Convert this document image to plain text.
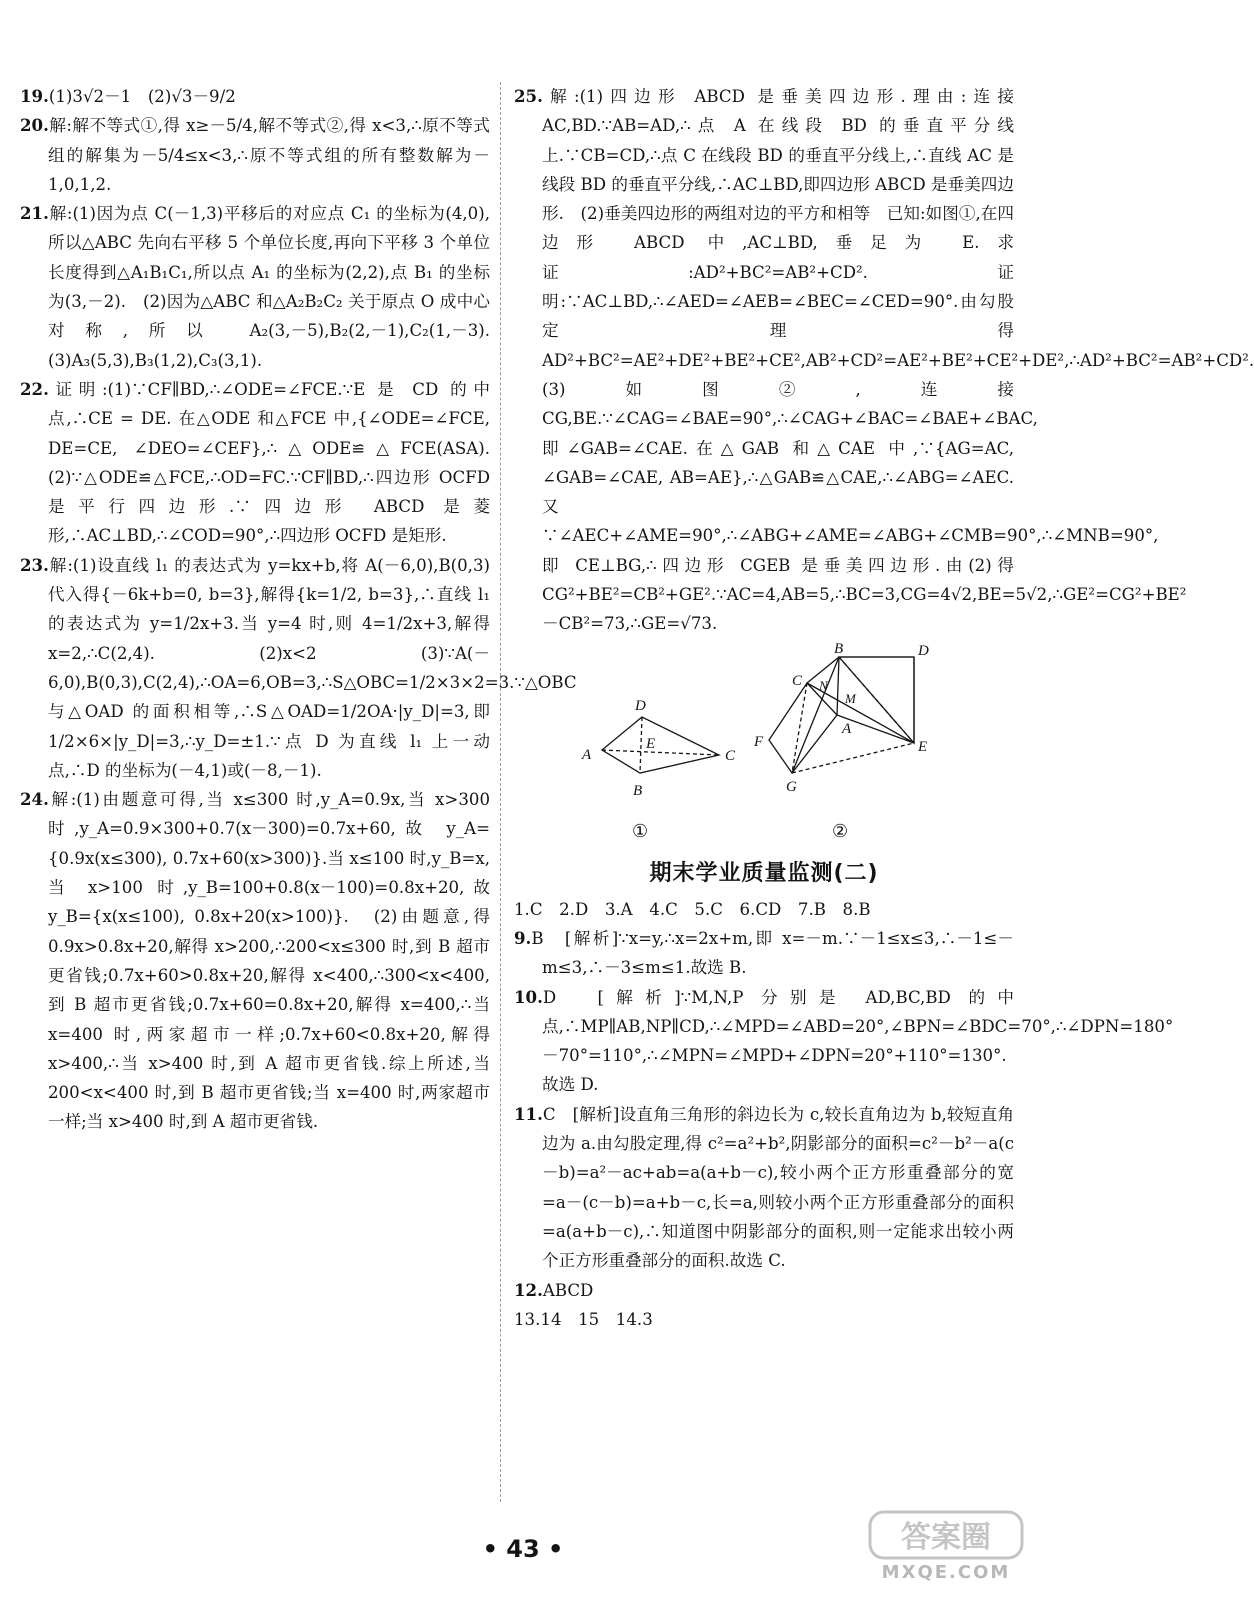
19.(1)3√2－1　(2)√3－9/2

20.解:解不等式①,得 x≥－5/4,解不等式②,得 x<3,∴原不等式组的解集为－5/4≤x<3,∴原不等式组的所有整数解为－1,0,1,2.

21.解:(1)因为点 C(－1,3)平移后的对应点 C₁ 的坐标为(4,0),所以△ABC 先向右平移 5 个单位长度,再向下平移 3 个单位长度得到△A₁B₁C₁,所以点 A₁ 的坐标为(2,2),点 B₁ 的坐标为(3,－2).　(2)因为△ABC 和△A₂B₂C₂ 关于原点 O 成中心对称,所以 A₂(3,－5),B₂(2,－1),C₂(1,－3).　(3)A₃(5,3),B₃(1,2),C₃(3,1).

22.证明:(1)∵CF∥BD,∴∠ODE=∠FCE.∵E 是 CD 的中点,∴CE = DE. 在△ODE 和△FCE 中,{∠ODE=∠FCE, DE=CE, ∠DEO=∠CEF},∴△ODE≌△FCE(ASA).(2)∵△ODE≌△FCE,∴OD=FC.∵CF∥BD,∴四边形 OCFD 是平行四边形.∵四边形 ABCD 是菱形,∴AC⊥BD,∴∠COD=90°,∴四边形 OCFD 是矩形.

23.解:(1)设直线 l₁ 的表达式为 y=kx+b,将 A(－6,0),B(0,3)代入得{－6k+b=0, b=3},解得{k=1/2, b=3},∴直线 l₁ 的表达式为 y=1/2x+3.当 y=4 时,则 4=1/2x+3,解得 x=2,∴C(2,4).　(2)x<2　(3)∵A(－6,0),B(0,3),C(2,4),∴OA=6,OB=3,∴S△OBC=1/2×3×2=3.∵△OBC 与△OAD 的面积相等,∴S△OAD=1/2OA·|y_D|=3,即 1/2×6×|y_D|=3,∴y_D=±1.∵点 D 为直线 l₁ 上一动点,∴D 的坐标为(－4,1)或(－8,－1).

24.解:(1)由题意可得,当 x≤300 时,y_A=0.9x,当 x>300 时,y_A=0.9×300+0.7(x－300)=0.7x+60,故 y_A={0.9x(x≤300), 0.7x+60(x>300)}.当 x≤100 时,y_B=x,当 x>100 时,y_B=100+0.8(x－100)=0.8x+20,故 y_B={x(x≤100), 0.8x+20(x>100)}.　(2)由题意,得 0.9x>0.8x+20,解得 x>200,∴200<x≤300 时,到 B 超市更省钱;0.7x+60>0.8x+20,解得 x<400,∴300<x<400,到 B 超市更省钱;0.7x+60=0.8x+20,解得 x=400,∴当 x=400 时,两家超市一样;0.7x+60<0.8x+20,解得 x>400,∴当 x>400 时,到 A 超市更省钱.综上所述,当 200<x<400 时,到 B 超市更省钱;当 x=400 时,两家超市一样;当 x>400 时,到 A 超市更省钱.

25.解:(1)四边形 ABCD 是垂美四边形.理由:连接 AC,BD.∵AB=AD,∴点 A 在线段 BD 的垂直平分线上.∵CB=CD,∴点 C 在线段 BD 的垂直平分线上,∴直线 AC 是线段 BD 的垂直平分线,∴AC⊥BD,即四边形 ABCD 是垂美四边形.　(2)垂美四边形的两组对边的平方和相等　已知:如图①,在四边形 ABCD 中,AC⊥BD,垂足为 E.求证:AD²+BC²=AB²+CD².证明:∵AC⊥BD,∴∠AED=∠AEB=∠BEC=∠CED=90°.由勾股定理得 AD²+BC²=AE²+DE²+BE²+CE²,AB²+CD²=AE²+BE²+CE²+DE²,∴AD²+BC²=AB²+CD².　(3)如图②,连接 CG,BE.∵∠CAG=∠BAE=90°,∴∠CAG+∠BAC=∠BAE+∠BAC,即∠GAB=∠CAE.在△GAB 和△CAE 中,∵{AG=AC, ∠GAB=∠CAE, AB=AE},∴△GAB≌△CAE,∴∠ABG=∠AEC.又∵∠AEC+∠AME=90°,∴∠ABG+∠AME=∠ABG+∠CMB=90°,∴∠MNB=90°,即 CE⊥BG,∴四边形 CGEB 是垂美四边形.由(2)得 CG²+BE²=CB²+GE².∵AC=4,AB=5,∴BC=3,CG=4√2,BE=5√2,∴GE²=CG²+BE²－CB²=73,∴GE=√73.

A
B
C
D
E
①
B	D
C N
M
F
A
E
G
②

期末学业质量监测(二)

1.C　2.D　3.A　4.C　5.C　6.CD　7.B　8.B

9.B　[解析]∵x=y,∴x=2x+m,即 x=－m.∵－1≤x≤3,∴－1≤－m≤3,∴－3≤m≤1.故选 B.

10.D　[解析]∵M,N,P 分别是 AD,BC,BD 的中点,∴MP∥AB,NP∥CD,∴∠MPD=∠ABD=20°,∠BPN=∠BDC=70°,∴∠DPN=180°－70°=110°,∴∠MPN=∠MPD+∠DPN=20°+110°=130°.故选 D.

11.C　[解析]设直角三角形的斜边长为 c,较长直角边为 b,较短直角边为 a.由勾股定理,得 c²=a²+b²,阴影部分的面积=c²－b²－a(c－b)=a²－ac+ab=a(a+b－c),较小两个正方形重叠部分的宽=a－(c－b)=a+b－c,长=a,则较小两个正方形重叠部分的面积=a(a+b－c),∴知道图中阴影部分的面积,则一定能求出较小两个正方形重叠部分的面积.故选 C.

12.ABCD

13.14　15　14.3

• 43 •	答案圈
MXQE.COM
